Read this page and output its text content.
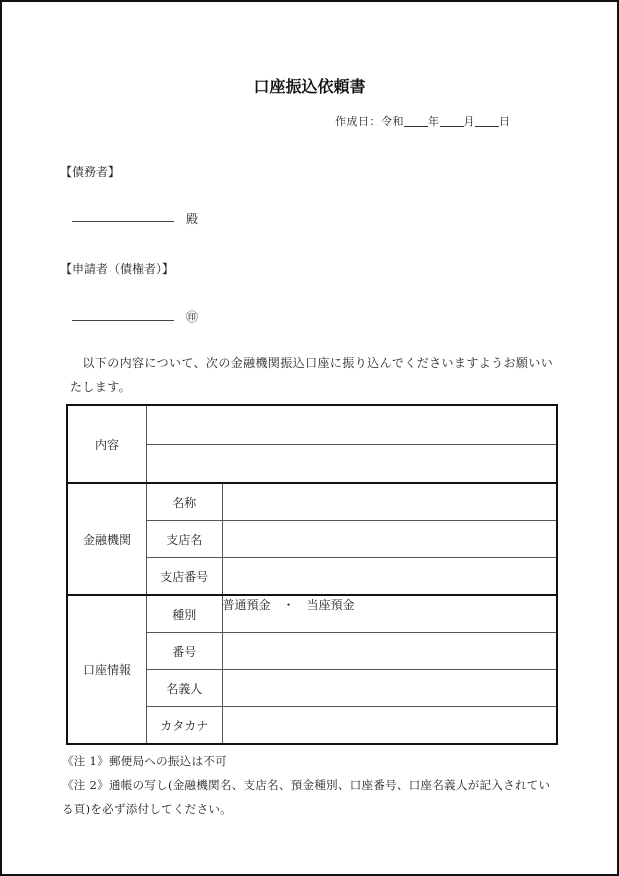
口座振込依頼書
作成日：令和 年 月 日
【債務者】
殿
【申請者（債権者）】
㊞
　以下の内容について、次の金融機関振込口座に振り込んでくださいますようお願いいたします。
内容		

金融機関	名称	
	支店名	
	支店番号	
口座情報	種別	普通預金　・　当座預金
	番号	
	名義人	
	カタカナ	
《注 1》郵便局への振込は不可
《注 2》通帳の写し(金融機関名、支店名、預金種別、口座番号、口座名義人が記入されている頁)を必ず添付してください。
